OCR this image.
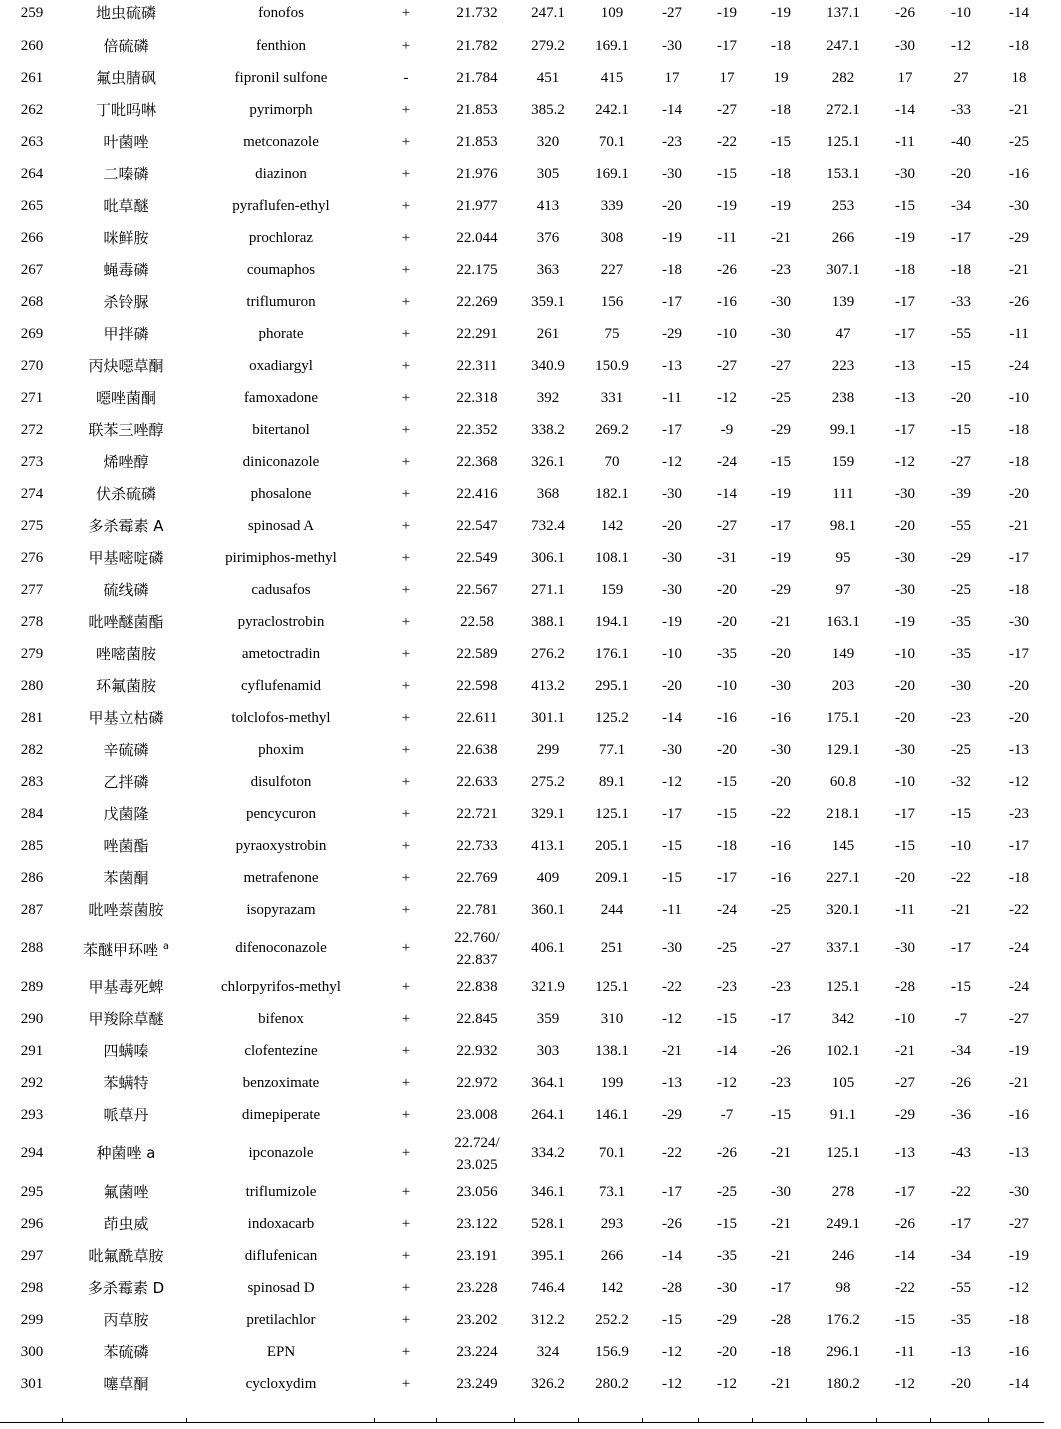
259	地虫硫磷	fonofos	+	21.732	247.1	109	-27	-19	-19	137.1	-26	-10	-14
260	倍硫磷	fenthion	+	21.782	279.2	169.1	-30	-17	-18	247.1	-30	-12	-18
261	氟虫腈砜	fipronil sulfone	-	21.784	451	415	17	17	19	282	17	27	18
262	丁吡吗啉	pyrimorph	+	21.853	385.2	242.1	-14	-27	-18	272.1	-14	-33	-21
263	叶菌唑	metconazole	+	21.853	320	70.1	-23	-22	-15	125.1	-11	-40	-25
264	二嗪磷	diazinon	+	21.976	305	169.1	-30	-15	-18	153.1	-30	-20	-16
265	吡草醚	pyraflufen-ethyl	+	21.977	413	339	-20	-19	-19	253	-15	-34	-30
266	咪鲜胺	prochloraz	+	22.044	376	308	-19	-11	-21	266	-19	-17	-29
267	蝇毒磷	coumaphos	+	22.175	363	227	-18	-26	-23	307.1	-18	-18	-21
268	杀铃脲	triflumuron	+	22.269	359.1	156	-17	-16	-30	139	-17	-33	-26
269	甲拌磷	phorate	+	22.291	261	75	-29	-10	-30	47	-17	-55	-11
270	丙炔噁草酮	oxadiargyl	+	22.311	340.9	150.9	-13	-27	-27	223	-13	-15	-24
271	噁唑菌酮	famoxadone	+	22.318	392	331	-11	-12	-25	238	-13	-20	-10
272	联苯三唑醇	bitertanol	+	22.352	338.2	269.2	-17	-9	-29	99.1	-17	-15	-18
273	烯唑醇	diniconazole	+	22.368	326.1	70	-12	-24	-15	159	-12	-27	-18
274	伏杀硫磷	phosalone	+	22.416	368	182.1	-30	-14	-19	111	-30	-39	-20
275	多杀霉素 A	spinosad A	+	22.547	732.4	142	-20	-27	-17	98.1	-20	-55	-21
276	甲基嘧啶磷	pirimiphos-methyl	+	22.549	306.1	108.1	-30	-31	-19	95	-30	-29	-17
277	硫线磷	cadusafos	+	22.567	271.1	159	-30	-20	-29	97	-30	-25	-18
278	吡唑醚菌酯	pyraclostrobin	+	22.58	388.1	194.1	-19	-20	-21	163.1	-19	-35	-30
279	唑嘧菌胺	ametoctradin	+	22.589	276.2	176.1	-10	-35	-20	149	-10	-35	-17
280	环氟菌胺	cyflufenamid	+	22.598	413.2	295.1	-20	-10	-30	203	-20	-30	-20
281	甲基立枯磷	tolclofos-methyl	+	22.611	301.1	125.2	-14	-16	-16	175.1	-20	-23	-20
282	辛硫磷	phoxim	+	22.638	299	77.1	-30	-20	-30	129.1	-30	-25	-13
283	乙拌磷	disulfoton	+	22.633	275.2	89.1	-12	-15	-20	60.8	-10	-32	-12
284	戊菌隆	pencycuron	+	22.721	329.1	125.1	-17	-15	-22	218.1	-17	-15	-23
285	唑菌酯	pyraoxystrobin	+	22.733	413.1	205.1	-15	-18	-16	145	-15	-10	-17
286	苯菌酮	metrafenone	+	22.769	409	209.1	-15	-17	-16	227.1	-20	-22	-18
287	吡唑萘菌胺	isopyrazam	+	22.781	360.1	244	-11	-24	-25	320.1	-11	-21	-22
288	苯醚甲环唑 $^a$	difenoconazole	+	22.760/
22.837	406.1	251	-30	-25	-27	337.1	-30	-17	-24
289	甲基毒死蜱	chlorpyrifos-methyl	+	22.838	321.9	125.1	-22	-23	-23	125.1	-28	-15	-24
290	甲羧除草醚	bifenox	+	22.845	359	310	-12	-15	-17	342	-10	-7	-27
291	四螨嗪	clofentezine	+	22.932	303	138.1	-21	-14	-26	102.1	-21	-34	-19
292	苯螨特	benzoximate	+	22.972	364.1	199	-13	-12	-23	105	-27	-26	-21
293	哌草丹	dimepiperate	+	23.008	264.1	146.1	-29	-7	-15	91.1	-29	-36	-16
294	种菌唑 a	ipconazole	+	22.724/
23.025	334.2	70.1	-22	-26	-21	125.1	-13	-43	-13
295	氟菌唑	triflumizole	+	23.056	346.1	73.1	-17	-25	-30	278	-17	-22	-30
296	茚虫威	indoxacarb	+	23.122	528.1	293	-26	-15	-21	249.1	-26	-17	-27
297	吡氟酰草胺	diflufenican	+	23.191	395.1	266	-14	-35	-21	246	-14	-34	-19
298	多杀霉素 D	spinosad D	+	23.228	746.4	142	-28	-30	-17	98	-22	-55	-12
299	丙草胺	pretilachlor	+	23.202	312.2	252.2	-15	-29	-28	176.2	-15	-35	-18
300	苯硫磷	EPN	+	23.224	324	156.9	-12	-20	-18	296.1	-11	-13	-16
301	噻草酮	cycloxydim	+	23.249	326.2	280.2	-12	-12	-21	180.2	-12	-20	-14
